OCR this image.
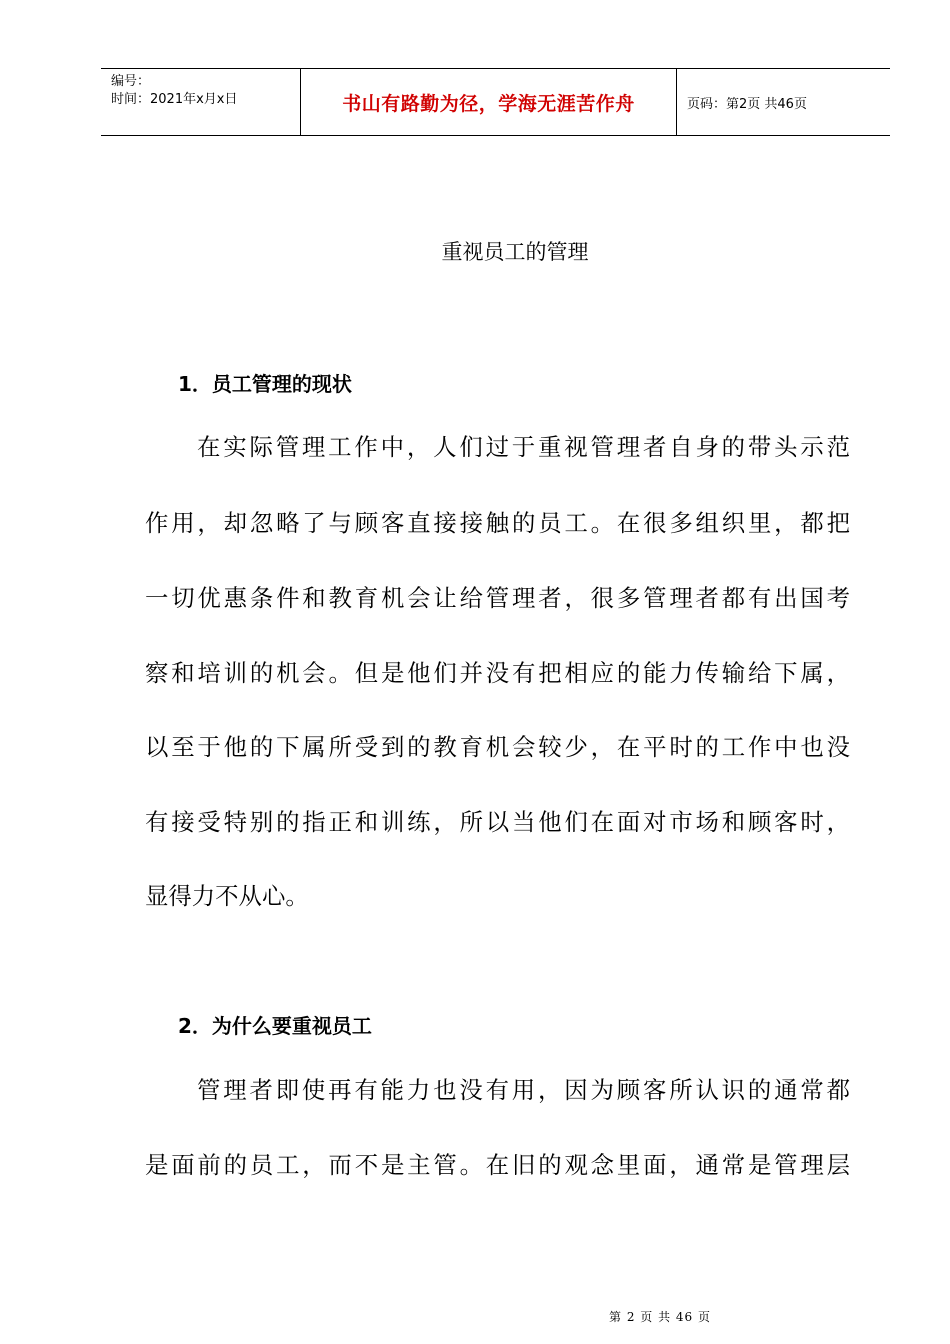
编号：
时间：2021年x月x日	书山有路勤为径，学海无涯苦作舟	页码：第2页 共46页
重视员工的管理
1．员工管理的现状
在实际管理工作中，人们过于重视管理者自身的带头示范
作用，却忽略了与顾客直接接触的员工。在很多组织里，都把
一切优惠条件和教育机会让给管理者，很多管理者都有出国考
察和培训的机会。但是他们并没有把相应的能力传输给下属，
以至于他的下属所受到的教育机会较少，在平时的工作中也没
有接受特别的指正和训练，所以当他们在面对市场和顾客时，
显得力不从心。
2．为什么要重视员工
管理者即使再有能力也没有用，因为顾客所认识的通常都
是面前的员工，而不是主管。在旧的观念里面，通常是管理层
第 2 页 共 46 页
